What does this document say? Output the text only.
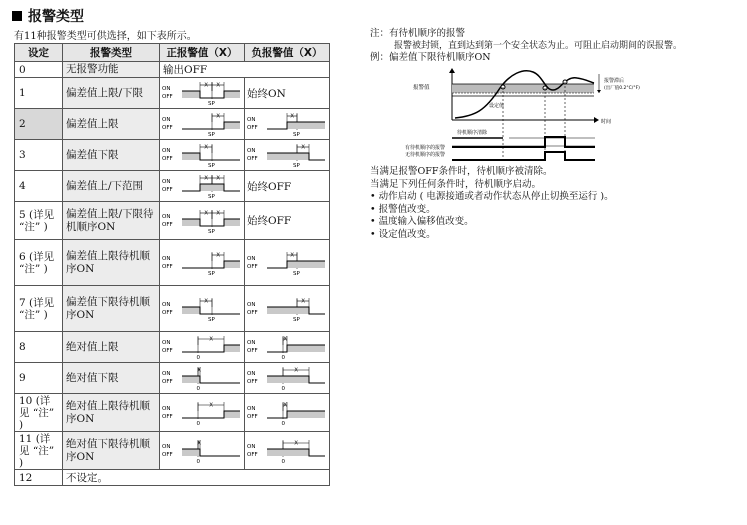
报警类型
有11种报警类型可供选择，如下表所示。
设定	报警类型	正报警值（X）	负报警值（X）
0	无报警功能	输出OFF	
1	偏差值上限/下限	ON
OFF
SP
X X	始终ON
2	偏差值上限	ON
OFF
SP
X	ON
OFF
SP
X

3	偏差值下限	ON
OFF
SP
X	ON
OFF
SP
X

4	偏差值上/下范围	ON
OFF
SP
X X	始终OFF
5 (详见 “注” )	偏差值上限/下限待机顺序ON	ON
OFF
SP
X X	始终OFF
6 (详见 “注” )	偏差值上限待机顺序ON	ON
OFF
SP
X	ON
OFF
SP
X

7 (详见 “注” )	偏差值下限待机顺序ON	ON
OFF
SP
X	ON
OFF
SP
X

8	绝对值上限	ON
OFF
0
X	ON
OFF
0
X

9	绝对值下限	ON
OFF
0
X	ON
OFF
0
X

10 (详见 “注” )	绝对值上限待机顺序ON	ON
OFF
0
X	ON
OFF
0
X

11 (详见 “注” )	绝对值下限待机顺序ON	ON
OFF
0
X	ON
OFF
0
X

12	不设定。		
注：有待机顺序的报警
报警被封锁，直到达到第一个安全状态为止。可阻止启动期间的误报警。
例：偏差值下限待机顺序ON
报警值
设定值
报警滞后
(出厂值0.2°C/°F)
时间
待机顺序清除
有待机顺序的报警
无待机顺序的报警
当满足报警OFF条件时，待机顺序被清除。
当满足下列任何条件时，待机顺序启动。
• 动作启动 ( 电源接通或者动作状态从停止切换至运行 )。
• 报警值改变。
• 温度输入偏移值改变。
• 设定值改变。
